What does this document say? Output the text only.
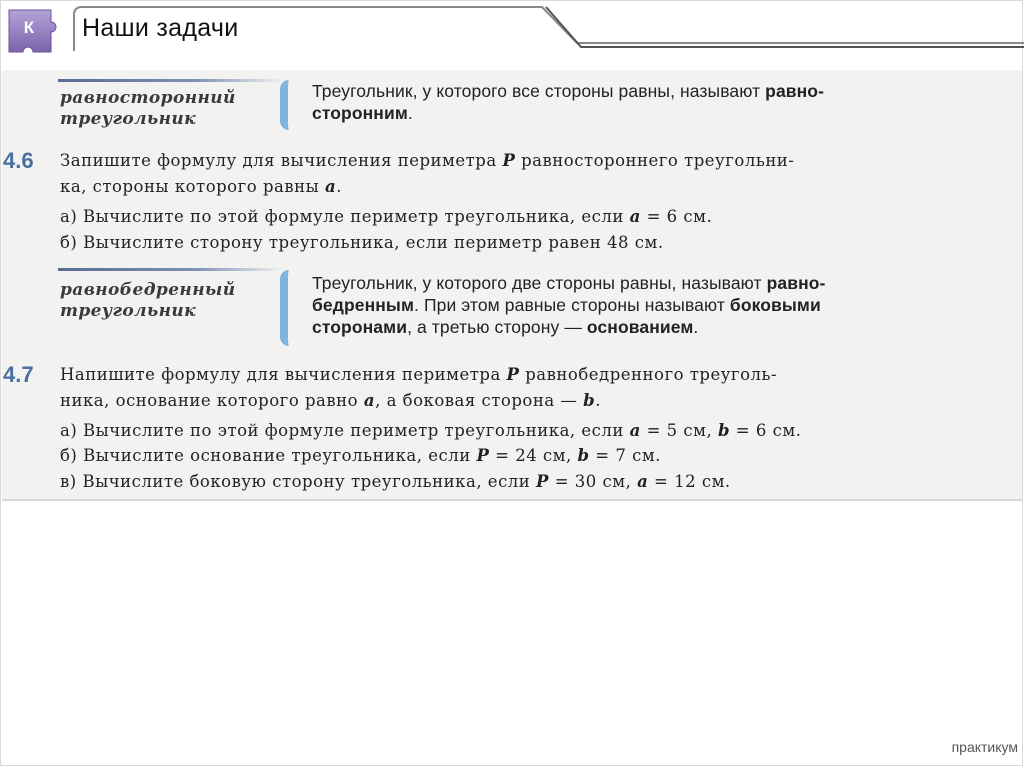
К Наши задачи
равносторонний
треугольник
Треугольник, у которого все стороны равны, называют равно-
сторонним.
4.6 Запишите формулу для вычисления периметра P равностороннего треугольни-
ка, стороны которого равны a.
а) Вычислите по этой формуле периметр треугольника, если a = 6 см.
б) Вычислите сторону треугольника, если периметр равен 48 см.
равнобедренный
треугольник
Треугольник, у которого две стороны равны, называют равно-
бедренным. При этом равные стороны называют боковыми
сторонами, а третью сторону — основанием.
4.7 Напишите формулу для вычисления периметра P равнобедренного треуголь-
ника, основание которого равно a, а боковая сторона — b.
а) Вычислите по этой формуле периметр треугольника, если a = 5 см, b = 6 см.
б) Вычислите основание треугольника, если P = 24 см, b = 7 см.
в) Вычислите боковую сторону треугольника, если P = 30 см, a = 12 см.
практикум
